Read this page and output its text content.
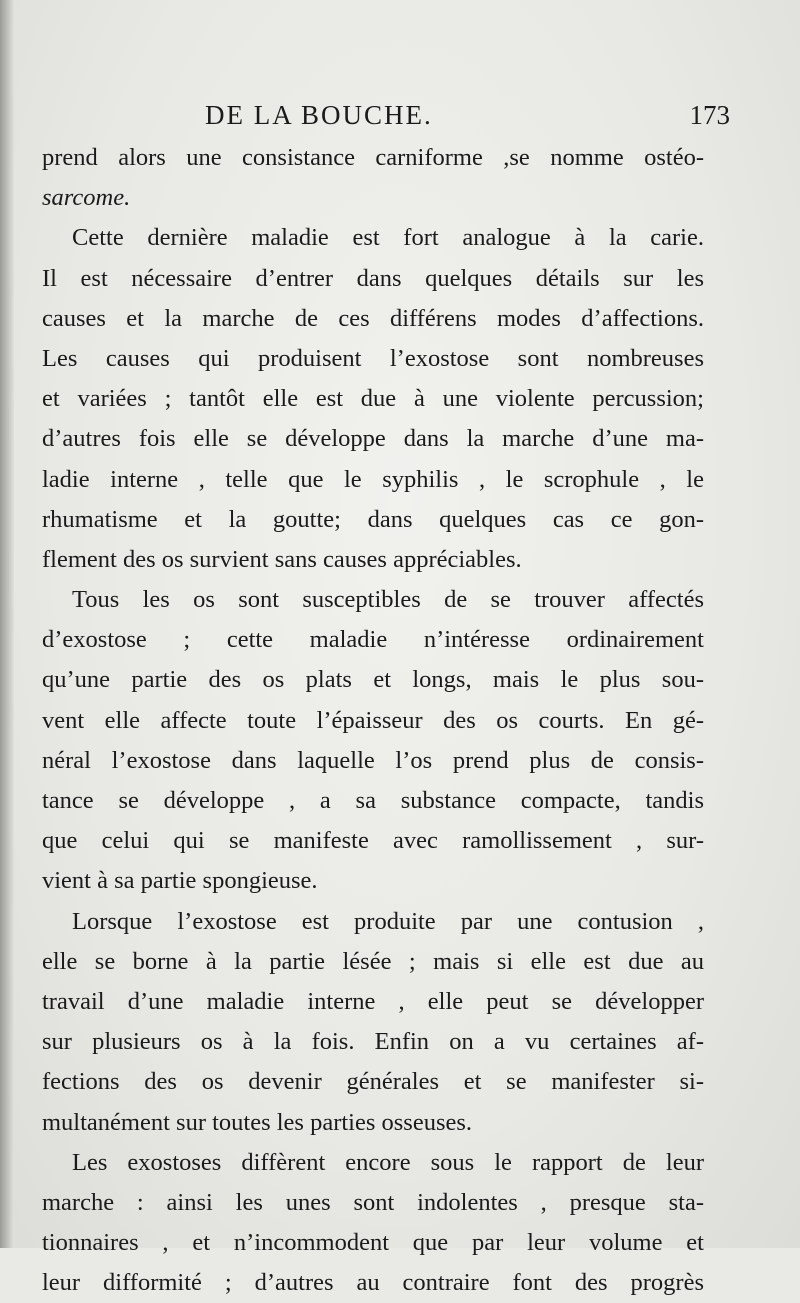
DE LA BOUCHE.	173
prend alors une consistance carniforme ,se nomme ostéo-
sarcome.
Cette dernière maladie est fort analogue à la carie.
Il est nécessaire d’entrer dans quelques détails sur les
causes et la marche de ces différens modes d’affections.
Les causes qui produisent l’exostose sont nombreuses
et variées ; tantôt elle est due à une violente percussion;
d’autres fois elle se développe dans la marche d’une ma-
ladie interne , telle que le syphilis , le scrophule , le
rhumatisme et la goutte; dans quelques cas ce gon-
flement des os survient sans causes appréciables.
Tous les os sont susceptibles de se trouver affectés
d’exostose ; cette maladie n’intéresse ordinairement
qu’une partie des os plats et longs, mais le plus sou-
vent elle affecte toute l’épaisseur des os courts. En gé-
néral l’exostose dans laquelle l’os prend plus de consis-
tance se développe , a sa substance compacte, tandis
que celui qui se manifeste avec ramollissement , sur-
vient à sa partie spongieuse.
Lorsque l’exostose est produite par une contusion ,
elle se borne à la partie lésée ; mais si elle est due au
travail d’une maladie interne , elle peut se développer
sur plusieurs os à la fois. Enfin on a vu certaines af-
fections des os devenir générales et se manifester si-
multanément sur toutes les parties osseuses.
Les exostoses diffèrent encore sous le rapport de leur
marche : ainsi les unes sont indolentes , presque sta-
tionnaires , et n’incommodent que par leur volume et
leur difformité ; d’autres au contraire font des progrès
